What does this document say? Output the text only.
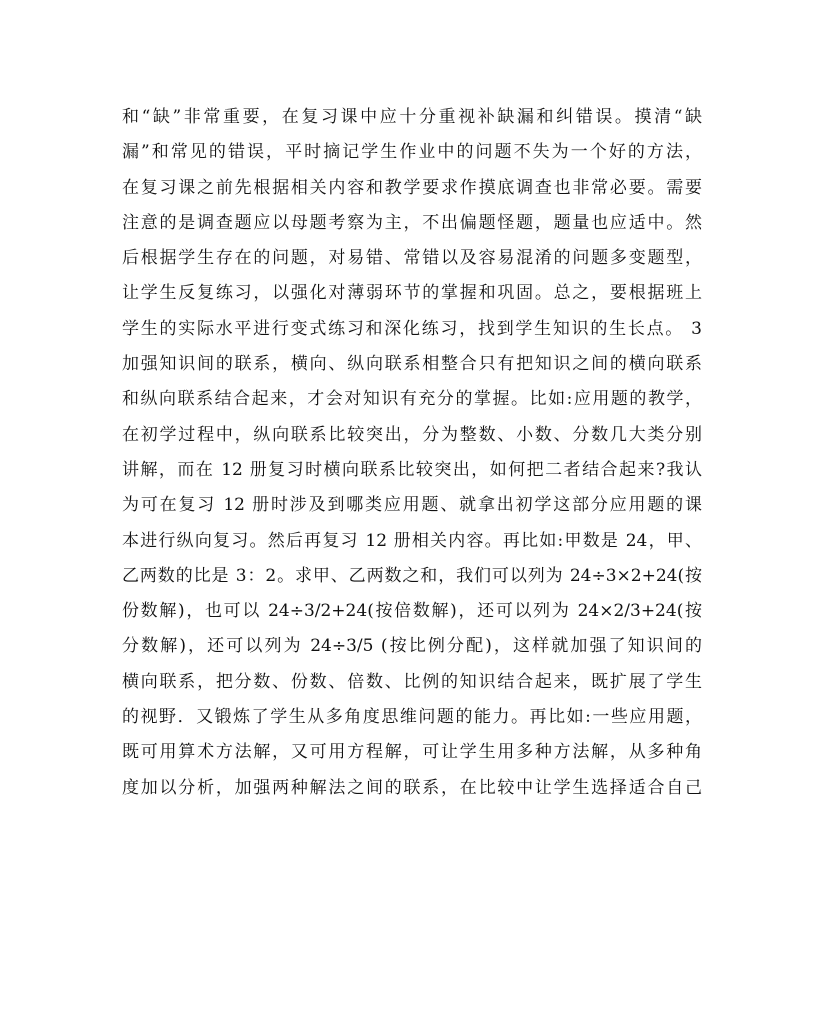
和“缺”非常重要，在复习课中应十分重视补缺漏和纠错误。摸清“缺
漏”和常见的错误，平时摘记学生作业中的问题不失为一个好的方法，
在复习课之前先根据相关内容和教学要求作摸底调查也非常必要。需要
注意的是调查题应以母题考察为主，不出偏题怪题，题量也应适中。然
后根据学生存在的问题，对易错、常错以及容易混淆的问题多变题型，
让学生反复练习，以强化对薄弱环节的掌握和巩固。总之，要根据班上
学生的实际水平进行变式练习和深化练习，找到学生知识的生长点。 3
加强知识间的联系，横向、纵向联系相整合只有把知识之间的横向联系
和纵向联系结合起来，才会对知识有充分的掌握。比如:应用题的教学，
在初学过程中，纵向联系比较突出，分为整数、小数、分数几大类分别
讲解，而在 12 册复习时横向联系比较突出，如何把二者结合起来?我认
为可在复习 12 册时涉及到哪类应用题、就拿出初学这部分应用题的课
本进行纵向复习。然后再复习 12 册相关内容。再比如:甲数是 24，甲、
乙两数的比是 3：2。求甲、乙两数之和，我们可以列为 24÷3×2+24(按
份数解)，也可以 24÷3/2+24(按倍数解)，还可以列为 24×2/3+24(按
分数解)，还可以列为 24÷3/5 (按比例分配)，这样就加强了知识间的
横向联系，把分数、份数、倍数、比例的知识结合起来，既扩展了学生
的视野．又锻炼了学生从多角度思维问题的能力。再比如:一些应用题，
既可用算术方法解，又可用方程解，可让学生用多种方法解，从多种角
度加以分析，加强两种解法之间的联系，在比较中让学生选择适合自己
